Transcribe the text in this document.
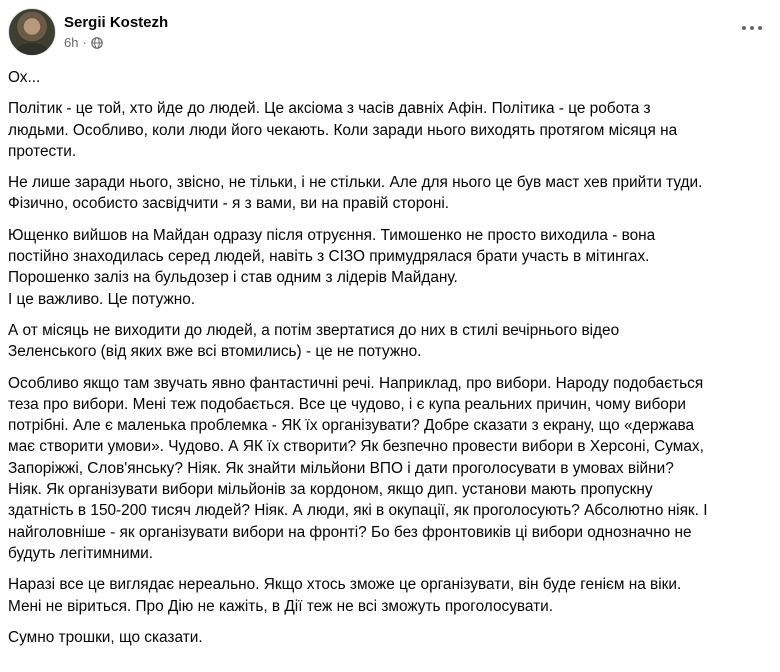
Sergii Kostezh
6h ·

Ох...

Політик - це той, хто йде до людей. Це аксіома з часів давніх Афін. Політика - це робота з
людьми. Особливо, коли люди його чекають. Коли заради нього виходять протягом місяця на
протести.

Не лише заради нього, звісно, не тільки, і не стільки. Але для нього це був маст хев прийти туди.
Фізично, особисто засвідчити - я з вами, ви на правій стороні.

Ющенко вийшов на Майдан одразу після отруєння. Тимошенко не просто виходила - вона
постійно знаходилась серед людей, навіть з СІЗО примудрялася брати участь в мітингах.
Порошенко заліз на бульдозер і став одним з лідерів Майдану.
І це важливо. Це потужно.

А от місяць не виходити до людей, а потім звертатися до них в стилі вечірнього відео
Зеленського (від яких вже всі втомились) - це не потужно.

Особливо якщо там звучать явно фантастичні речі. Наприклад, про вибори. Народу подобається
теза про вибори. Мені теж подобається. Все це чудово, і є купа реальних причин, чому вибори
потрібні. Але є маленька проблемка - ЯК їх організувати? Добре сказати з екрану, що «держава
має створити умови». Чудово. А ЯК їх створити? Як безпечно провести вибори в Херсоні, Сумах,
Запоріжжі, Слов'янську? Ніяк. Як знайти мільйони ВПО і дати проголосувати в умовах війни?
Ніяк. Як організувати вибори мільйонів за кордоном, якщо дип. установи мають пропускну
здатність в 150-200 тисяч людей? Ніяк. А люди, які в окупації, як проголосують? Абсолютно ніяк. І
найголовніше - як організувати вибори на фронті? Бо без фронтовиків ці вибори однозначно не
будуть легітимними.

Наразі все це виглядає нереально. Якщо хтось зможе це організувати, він буде генієм на віки.
Мені не віриться. Про Дію не кажіть, в Дії теж не всі зможуть проголосувати.

Сумно трошки, що сказати.
